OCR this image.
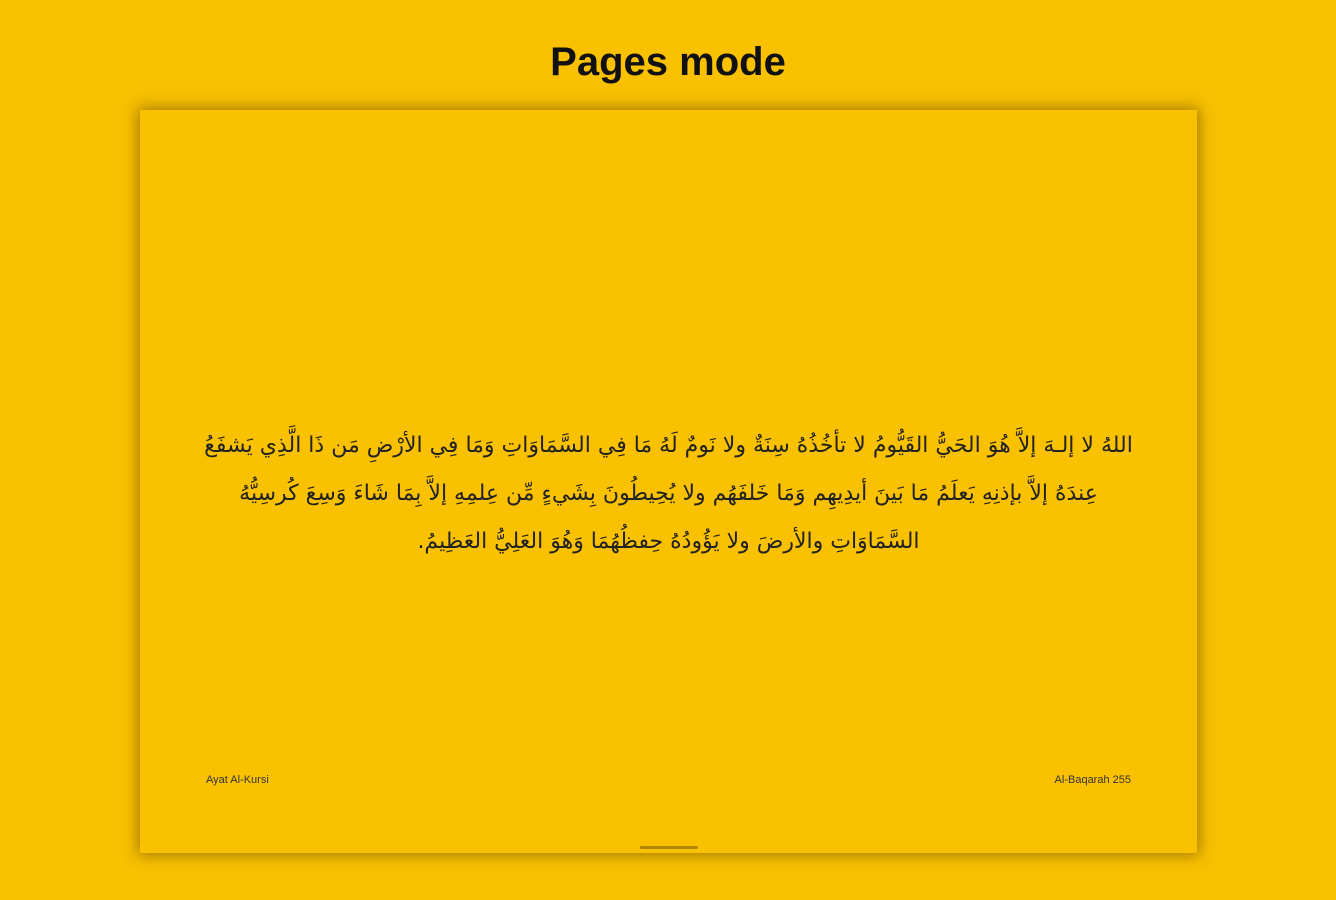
Pages mode

اللهُ لا إلـهَ إلاَّ هُوَ الحَيُّ القَيُّومُ لا تأخُذُهُ سِنَةٌ ولا نَومٌ لَهُ مَا فِي السَّمَاوَاتِ وَمَا فِي الأرْضِ مَن ذَا الَّذِي يَشفَعُ عِندَهُ إلاَّ بإذنِهِ يَعلَمُ مَا بَينَ أيدِيهِم وَمَا خَلفَهُم ولا يُحِيطُونَ بِشَيءٍ مِّن عِلمِهِ إلاَّ بِمَا شَاءَ وَسِعَ كُرسِيُّهُ السَّمَاوَاتِ والأرضَ ولا يَؤُودُهُ حِفظُهُمَا وَهُوَ العَلِيُّ العَظِيمُ.

Ayat Al-Kursi	Al-Baqarah 255
